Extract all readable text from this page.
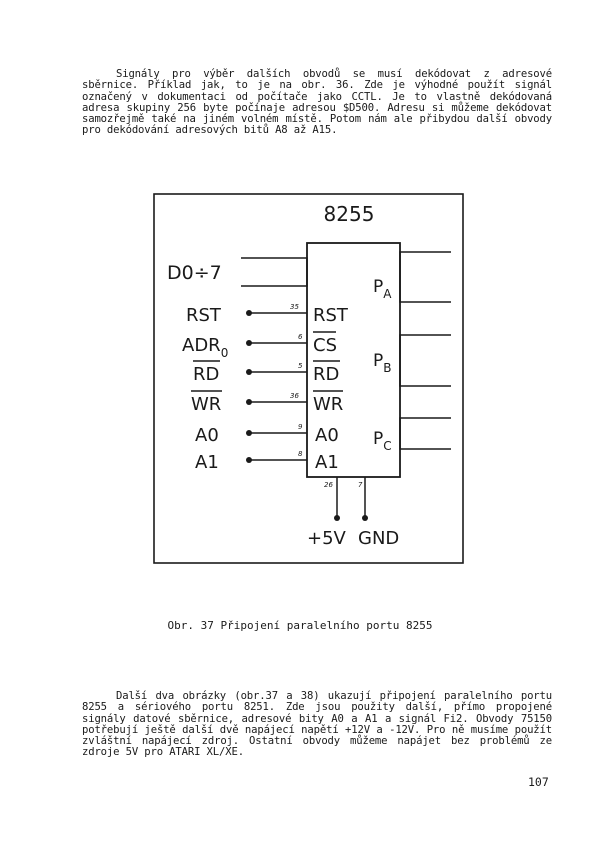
Signály pro výběr dalších obvodů se musí dekódovat z adresové sběrnice. Příklad jak, to je na obr. 36. Zde je výhodné použít signál označený v dokumentaci od počítače jako CCTL. Je to vlastně dekódovaná adresa skupiny 256 byte počínaje adresou $D500. Adresu si můžeme dekódovat samozřejmě také na jiném volném místě. Potom nám ale přibydou další obvody pro dekódování adresových bitů A8 až A15.
8255
D0÷7
$P_A$
$P_B$
$P_C$
RST	35 RST
$ADR_0$
6 CS
RD	5 RD
WR	36 WR
A0	9 A0
A1	8 A1
26
+5V
7
GND
Obr. 37 Připojení paralelního portu 8255
Další dva obrázky (obr.37 a 38) ukazují připojení paralelního portu 8255 a sériového portu 8251. Zde jsou použity další, přímo propojené signály datové sběrnice, adresové bity A0 a A1 a signál Fi2. Obvody 75150 potřebují ještě další dvě napájecí napětí +12V a -12V. Pro ně musíme použít zvláštní napájecí zdroj. Ostatní obvody můžeme napájet bez problémů ze zdroje 5V pro ATARI XL/XE.
107
